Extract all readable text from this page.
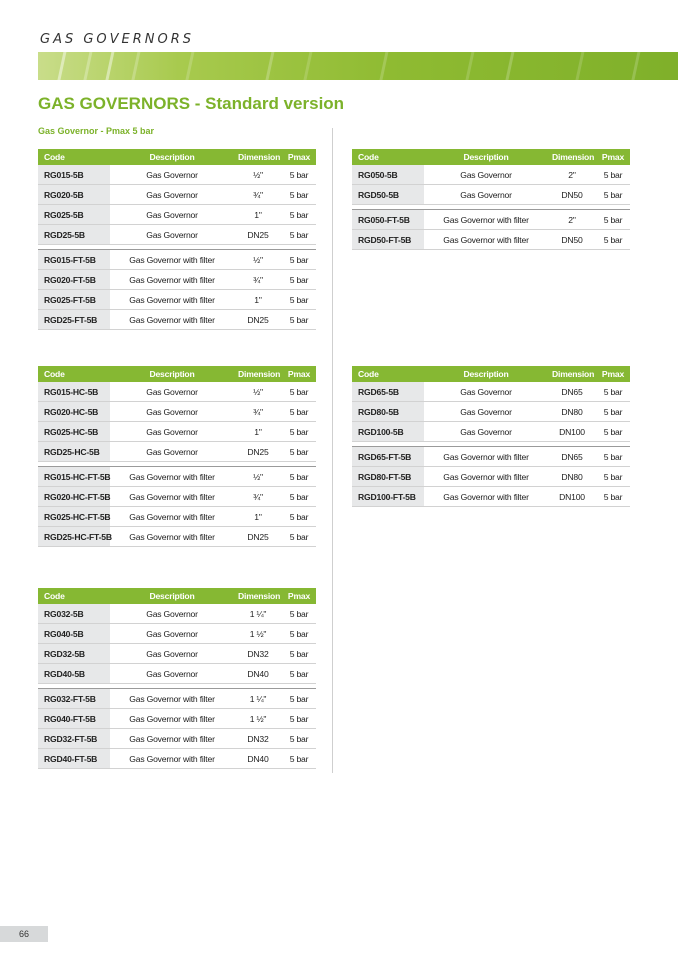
GAS GOVERNORS
GAS GOVERNORS - Standard version
Gas Governor - Pmax 5 bar
Code	Description	Dimension	Pmax
RG015-5B	Gas Governor	½"	5 bar
RG020-5B	Gas Governor	¾"	5 bar
RG025-5B	Gas Governor	1"	5 bar
RGD25-5B	Gas Governor	DN25	5 bar

RG015-FT-5B	Gas Governor with filter	½"	5 bar
RG020-FT-5B	Gas Governor with filter	¾"	5 bar
RG025-FT-5B	Gas Governor with filter	1"	5 bar
RGD25-FT-5B	Gas Governor with filter	DN25	5 bar
Code	Description	Dimension	Pmax
RG050-5B	Gas Governor	2"	5 bar
RGD50-5B	Gas Governor	DN50	5 bar

RG050-FT-5B	Gas Governor with filter	2"	5 bar
RGD50-FT-5B	Gas Governor with filter	DN50	5 bar
Code	Description	Dimension	Pmax
RG015-HC-5B	Gas Governor	½"	5 bar
RG020-HC-5B	Gas Governor	¾"	5 bar
RG025-HC-5B	Gas Governor	1"	5 bar
RGD25-HC-5B	Gas Governor	DN25	5 bar

RG015-HC-FT-5B	Gas Governor with filter	½"	5 bar
RG020-HC-FT-5B	Gas Governor with filter	¾"	5 bar
RG025-HC-FT-5B	Gas Governor with filter	1"	5 bar
RGD25-HC-FT-5B	Gas Governor with filter	DN25	5 bar
Code	Description	Dimension	Pmax
RGD65-5B	Gas Governor	DN65	5 bar
RGD80-5B	Gas Governor	DN80	5 bar
RGD100-5B	Gas Governor	DN100	5 bar

RGD65-FT-5B	Gas Governor with filter	DN65	5 bar
RGD80-FT-5B	Gas Governor with filter	DN80	5 bar
RGD100-FT-5B	Gas Governor with filter	DN100	5 bar
Code	Description	Dimension	Pmax
RG032-5B	Gas Governor	1 ¼"	5 bar
RG040-5B	Gas Governor	1 ½"	5 bar
RGD32-5B	Gas Governor	DN32	5 bar
RGD40-5B	Gas Governor	DN40	5 bar

RG032-FT-5B	Gas Governor with filter	1 ¼"	5 bar
RG040-FT-5B	Gas Governor with filter	1 ½"	5 bar
RGD32-FT-5B	Gas Governor with filter	DN32	5 bar
RGD40-FT-5B	Gas Governor with filter	DN40	5 bar
66
